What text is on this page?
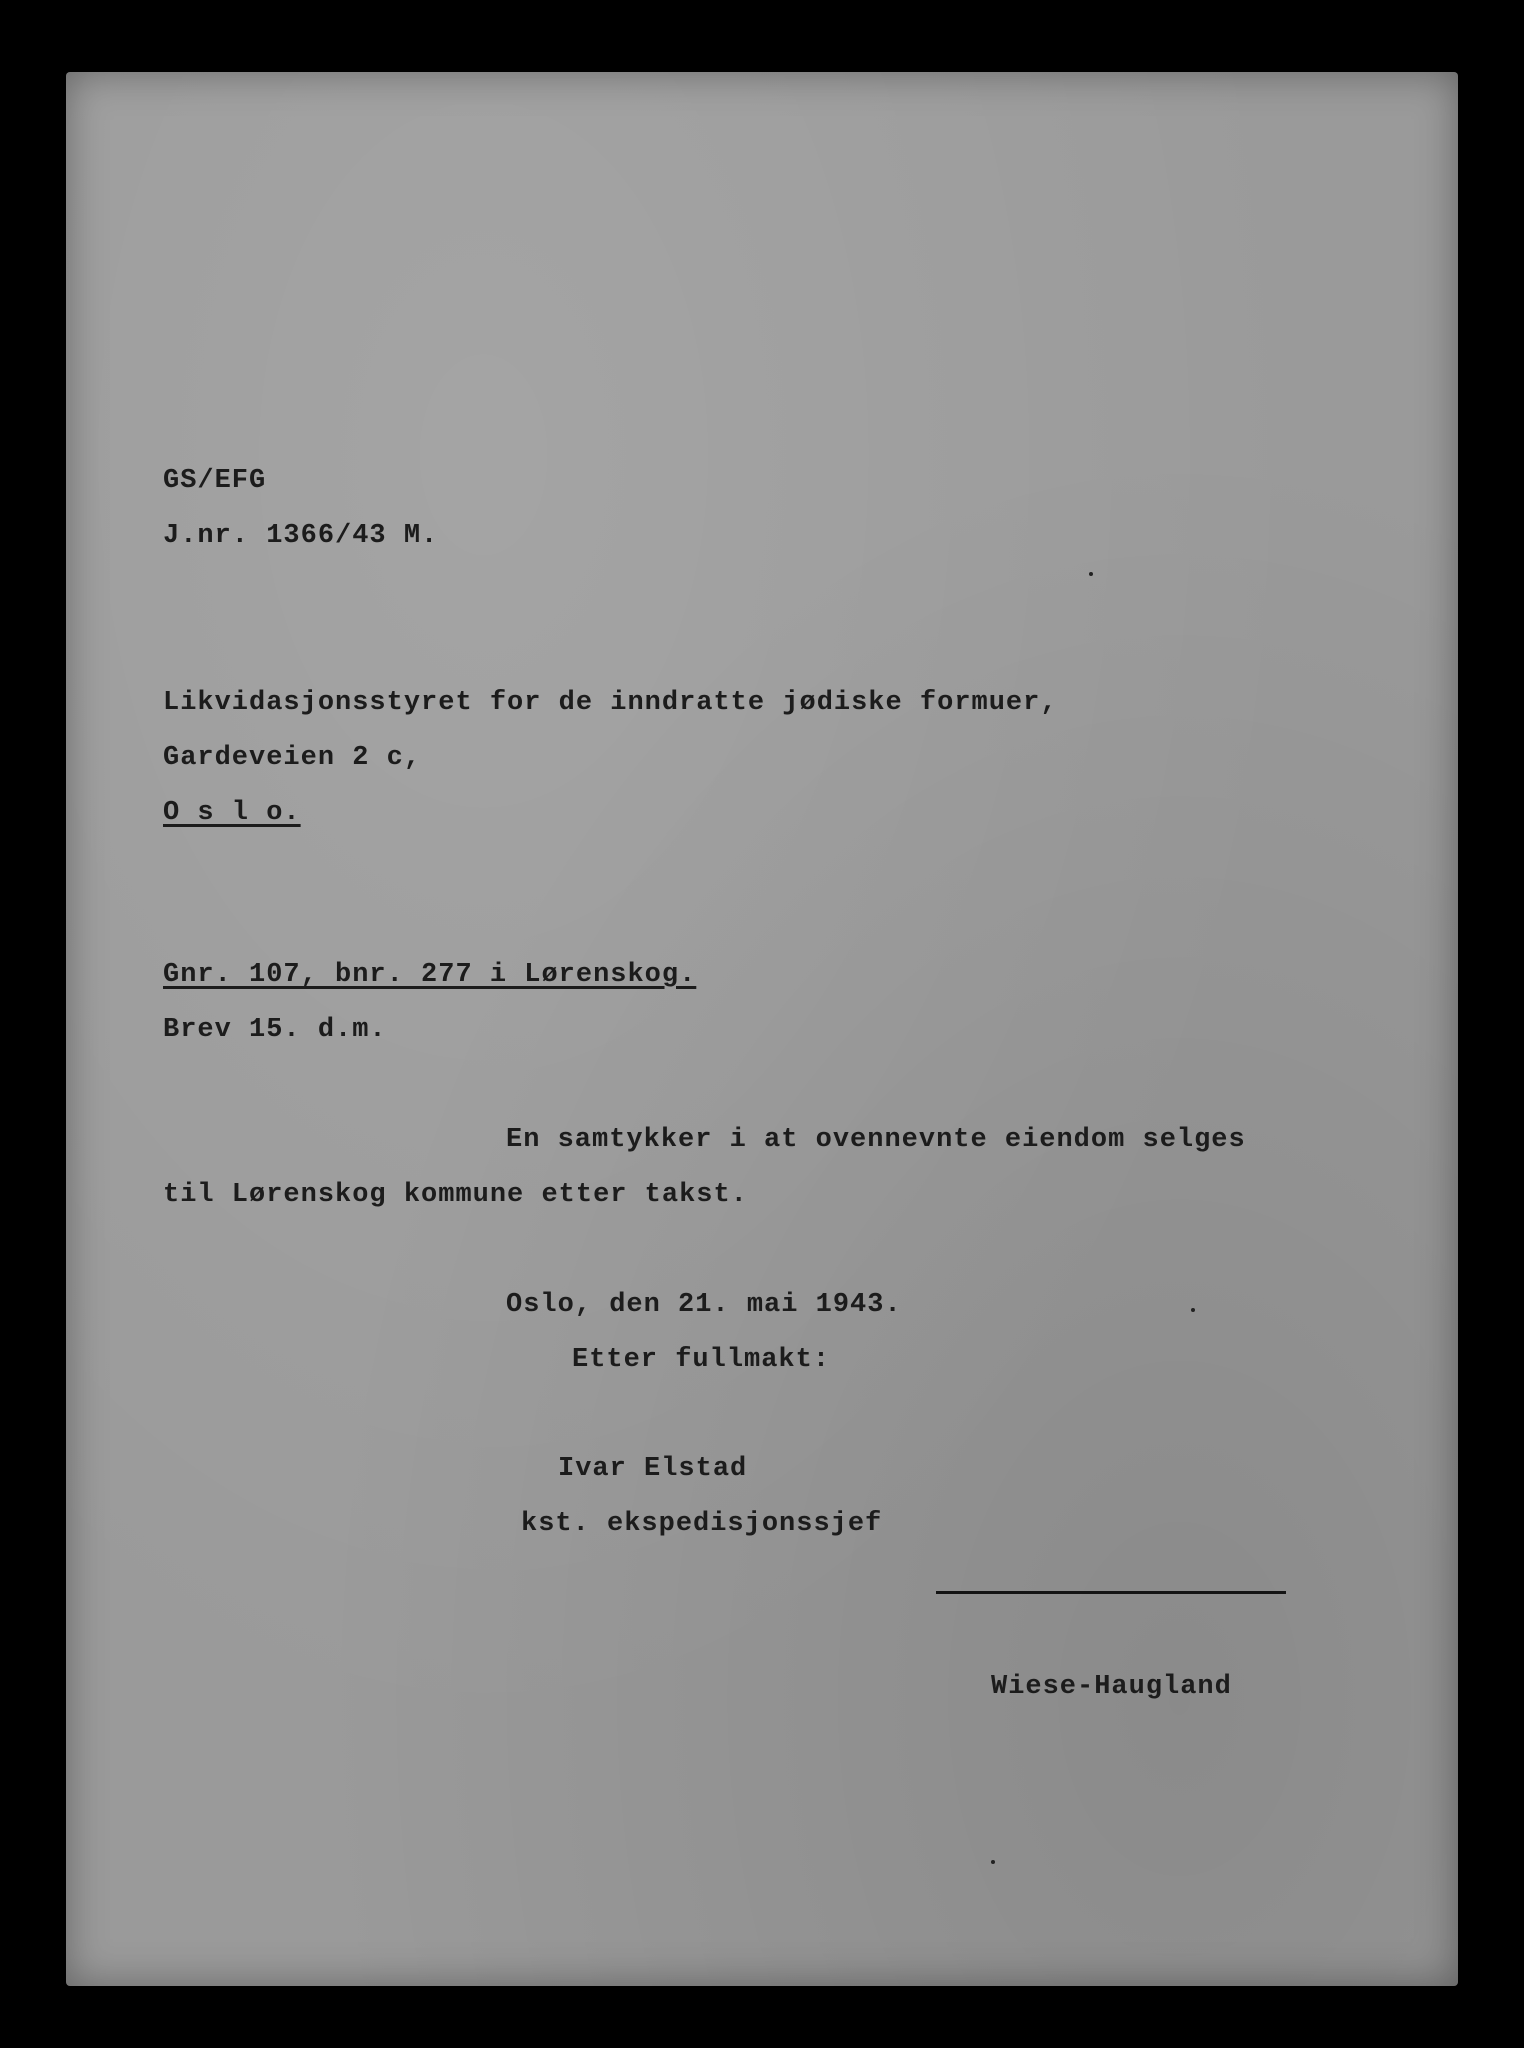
GS/EFG

J.nr. 1366/43 M.

Likvidasjonsstyret for de inndratte jødiske formuer,

Gardeveien 2 c,

O s l o.

Gnr. 107, bnr. 277 i Lørenskog.

Brev 15. d.m.

En samtykker i at ovennevnte eiendom selges

til Lørenskog kommune etter takst.

Oslo, den 21. mai 1943.

Etter fullmakt:

Ivar Elstad

kst. ekspedisjonssjef

Wiese-Haugland
